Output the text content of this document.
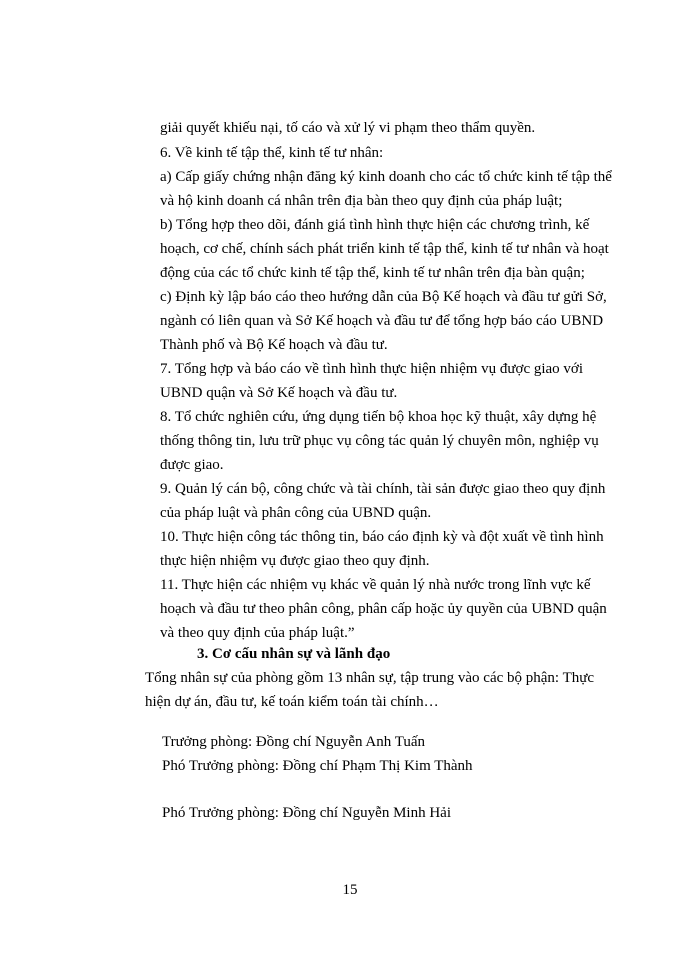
giải quyết khiếu nại, tố cáo và xử lý vi phạm theo thẩm quyền.
6. Về kinh tế tập thể, kinh tế tư nhân:
a) Cấp giấy chứng nhận đăng ký kinh doanh cho các tổ chức kinh tế tập thể
và hộ kinh doanh cá nhân trên địa bàn theo quy định của pháp luật;
b) Tổng hợp theo dõi, đánh giá tình hình thực hiện các chương trình, kế
hoạch, cơ chế, chính sách phát triển kinh tế tập thể, kinh tế tư nhân và hoạt
động của các tổ chức kinh tế tập thể, kinh tế tư nhân trên địa bàn quận;
c) Định kỳ lập báo cáo theo hướng dẫn của Bộ Kế hoạch và đầu tư gửi Sở,
ngành có liên quan và Sở Kế hoạch và đầu tư để tổng hợp báo cáo UBND
Thành phố và Bộ Kế hoạch và đầu tư.
7. Tổng hợp và báo cáo về tình hình thực hiện nhiệm vụ được giao với
UBND quận và Sở Kế hoạch và đầu tư.
8. Tổ chức nghiên cứu, ứng dụng tiến bộ khoa học kỹ thuật, xây dựng hệ
thống thông tin, lưu trữ phục vụ công tác quản lý chuyên môn, nghiệp vụ
được giao.
9. Quản lý cán bộ, công chức và tài chính, tài sản được giao theo quy định
của pháp luật và phân công của UBND quận.
10. Thực hiện công tác thông tin, báo cáo định kỳ và đột xuất về tình hình
thực hiện nhiệm vụ được giao theo quy định.
11. Thực hiện các nhiệm vụ khác về quản lý nhà nước trong lĩnh vực kế
hoạch và đầu tư theo phân công, phân cấp hoặc ủy quyền của UBND quận
và theo quy định của pháp luật.”
3. Cơ cấu nhân sự và lãnh đạo
Tổng nhân sự của phòng gồm 13 nhân sự, tập trung vào các bộ phận: Thực
hiện dự án, đầu tư, kế toán kiểm toán tài chính…
Trưởng phòng: Đồng chí Nguyễn Anh Tuấn
Phó Trưởng phòng: Đồng chí Phạm Thị Kim Thành
Phó Trưởng phòng: Đồng chí Nguyễn Minh Hải
15
